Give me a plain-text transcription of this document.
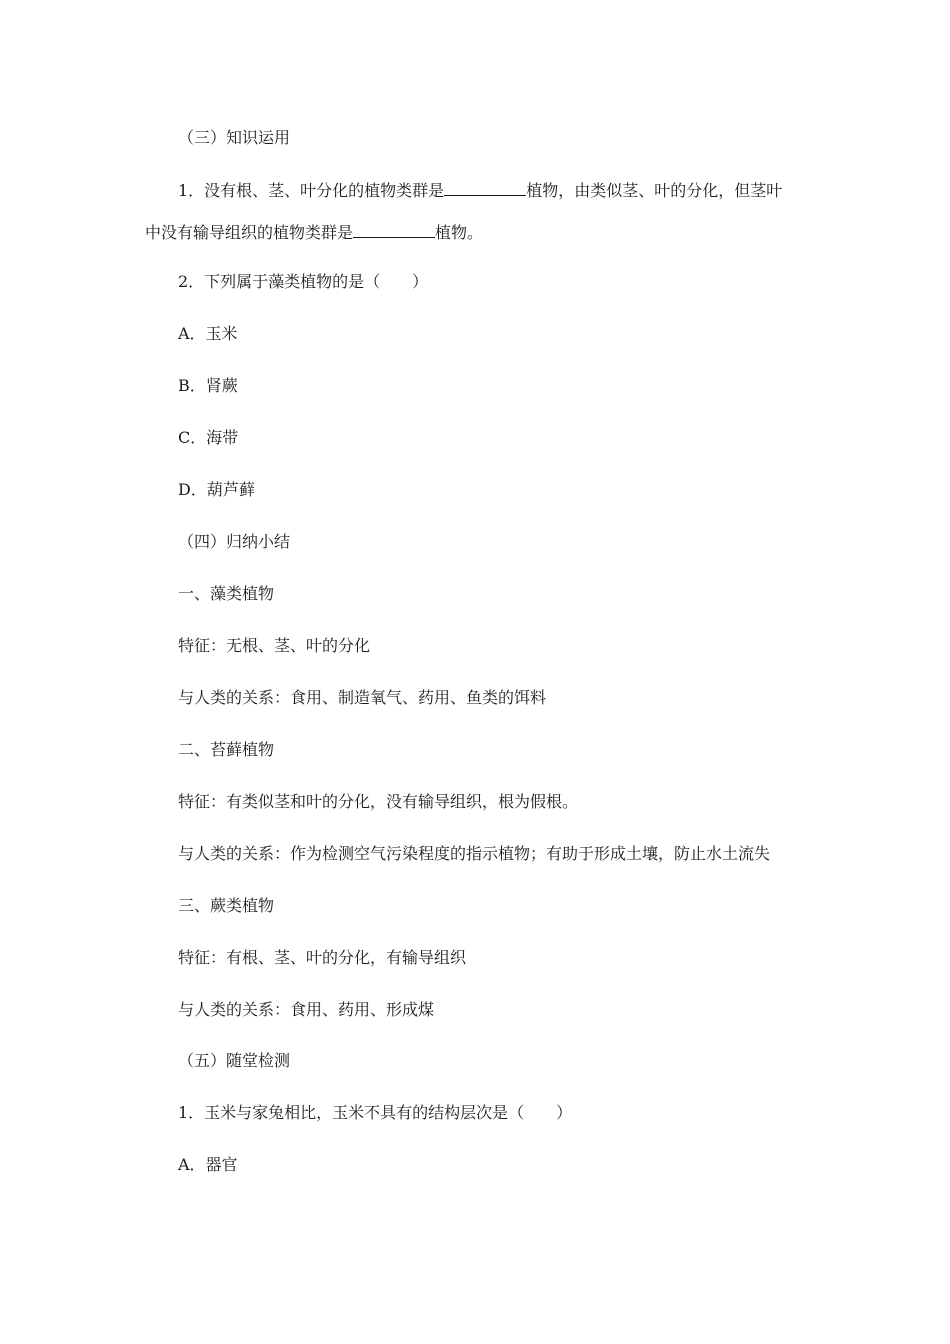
（三）知识运用
1．没有根、茎、叶分化的植物类群是	植物，由类似茎、叶的分化，但茎叶
中没有输导组织的植物类群是	植物。
2．下列属于藻类植物的是（　　）
A．玉米
B．肾蕨
C．海带
D．葫芦藓
（四）归纳小结
一、藻类植物
特征：无根、茎、叶的分化
与人类的关系：食用、制造氧气、药用、鱼类的饵料
二、苔藓植物
特征：有类似茎和叶的分化，没有输导组织，根为假根。
与人类的关系：作为检测空气污染程度的指示植物；有助于形成土壤，防止水土流失
三、蕨类植物
特征：有根、茎、叶的分化，有输导组织
与人类的关系：食用、药用、形成煤
（五）随堂检测
1．玉米与家兔相比，玉米不具有的结构层次是（　　）
A．器官
